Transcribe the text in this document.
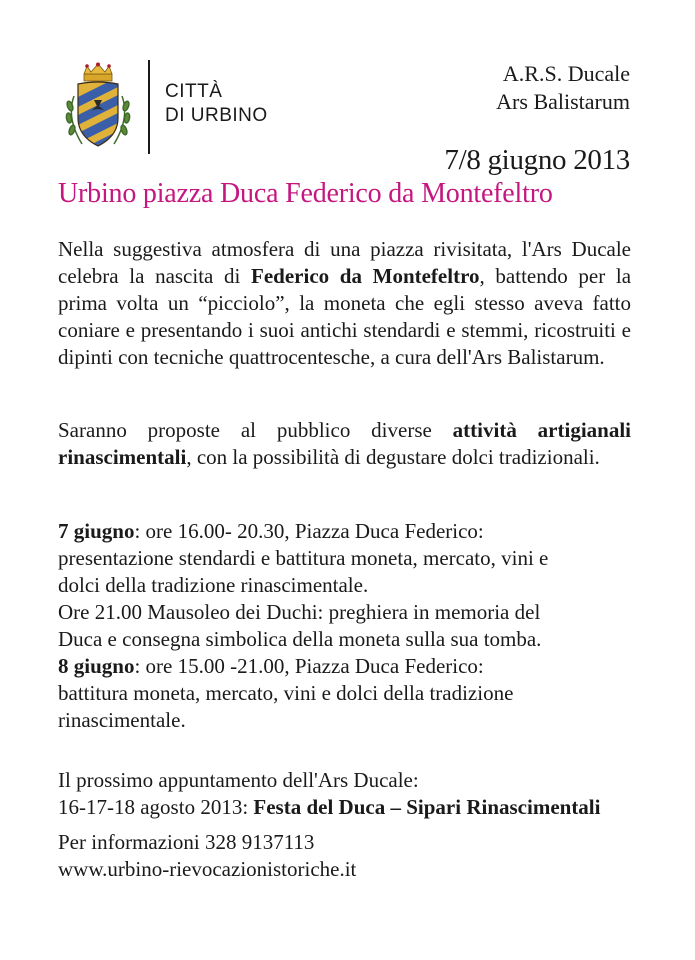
CITTÀ
DI URBINO
A.R.S. Ducale
Ars Balistarum
7/8 giugno 2013
Urbino piazza Duca Federico da Montefeltro
Nella suggestiva atmosfera di una piazza rivisitata, l'Ars Ducale celebra la nascita di Federico da Montefeltro, battendo per la prima volta un “picciolo”, la moneta che egli stesso aveva fatto coniare e presentando i suoi antichi stendardi e stemmi, ricostruiti e dipinti con tecniche quattrocentesche, a cura dell'Ars Balistarum.
Saranno proposte al pubblico diverse attività artigianali rinascimentali, con la possibilità di degustare dolci tradizionali.
7 giugno: ore 16.00- 20.30, Piazza Duca Federico:
presentazione stendardi e battitura moneta, mercato, vini e
dolci della tradizione rinascimentale.
Ore 21.00 Mausoleo dei Duchi: preghiera in memoria del
Duca e consegna simbolica della moneta sulla sua tomba.
8 giugno: ore 15.00 -21.00, Piazza Duca Federico:
battitura moneta, mercato, vini e dolci della tradizione
rinascimentale.
Il prossimo appuntamento dell'Ars Ducale:
16-17-18 agosto 2013: Festa del Duca – Sipari Rinascimentali
Per informazioni 328 9137113
www.urbino-rievocazionistoriche.it
